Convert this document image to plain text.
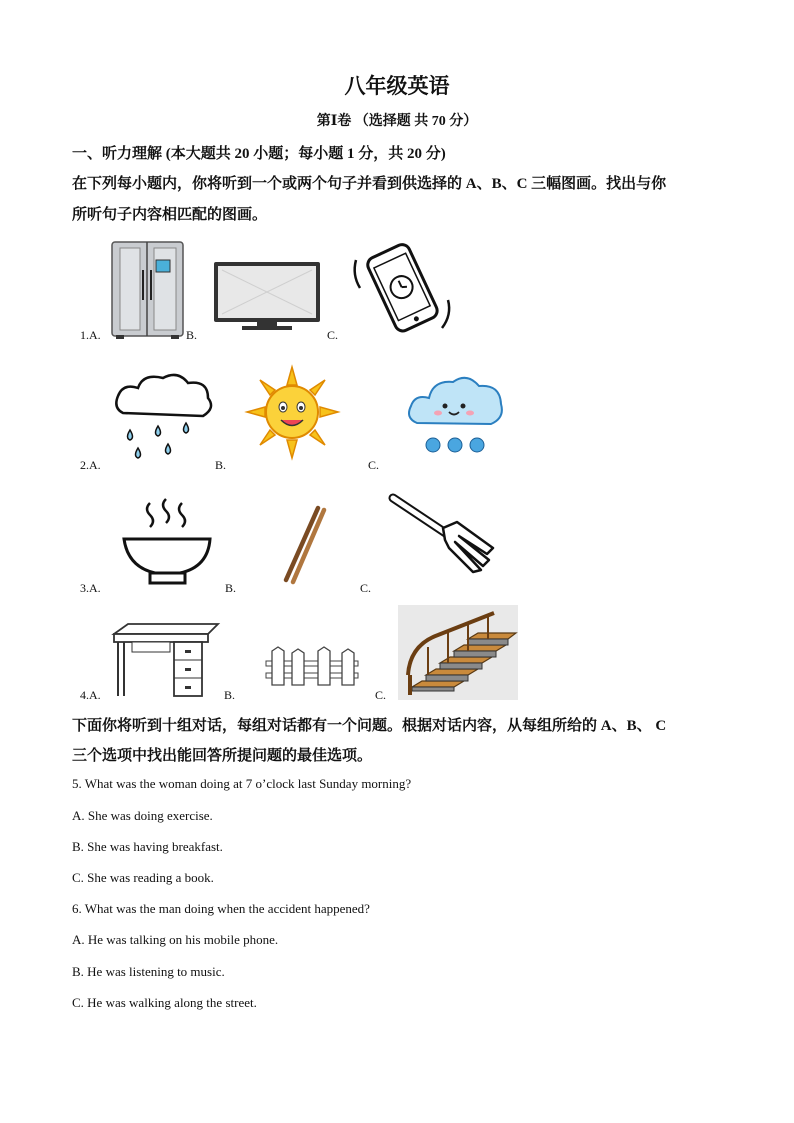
八年级英语
第Ⅰ卷 （选择题 共 70 分）
一、听力理解 (本大题共 20 小题；每小题 1 分，共 20 分)
在下列每小题内，你将听到一个或两个句子并看到供选择的 A、B、C 三幅图画。找出与你
所听句子内容相匹配的图画。
1.A.	B.	C.
2.A.	B.	C.
3.A.	B.	C.
4.A.	B.	C.
下面你将听到十组对话，每组对话都有一个问题。根据对话内容，从每组所给的 A、B、 C
三个选项中找出能回答所提问题的最佳选项。
5. What was the woman doing at 7 o’clock last Sunday morning?
A. She was doing exercise.
B. She was having breakfast.
C. She was reading a book.
6. What was the man doing when the accident happened?
A. He was talking on his mobile phone.
B. He was listening to music.
C. He was walking along the street.
